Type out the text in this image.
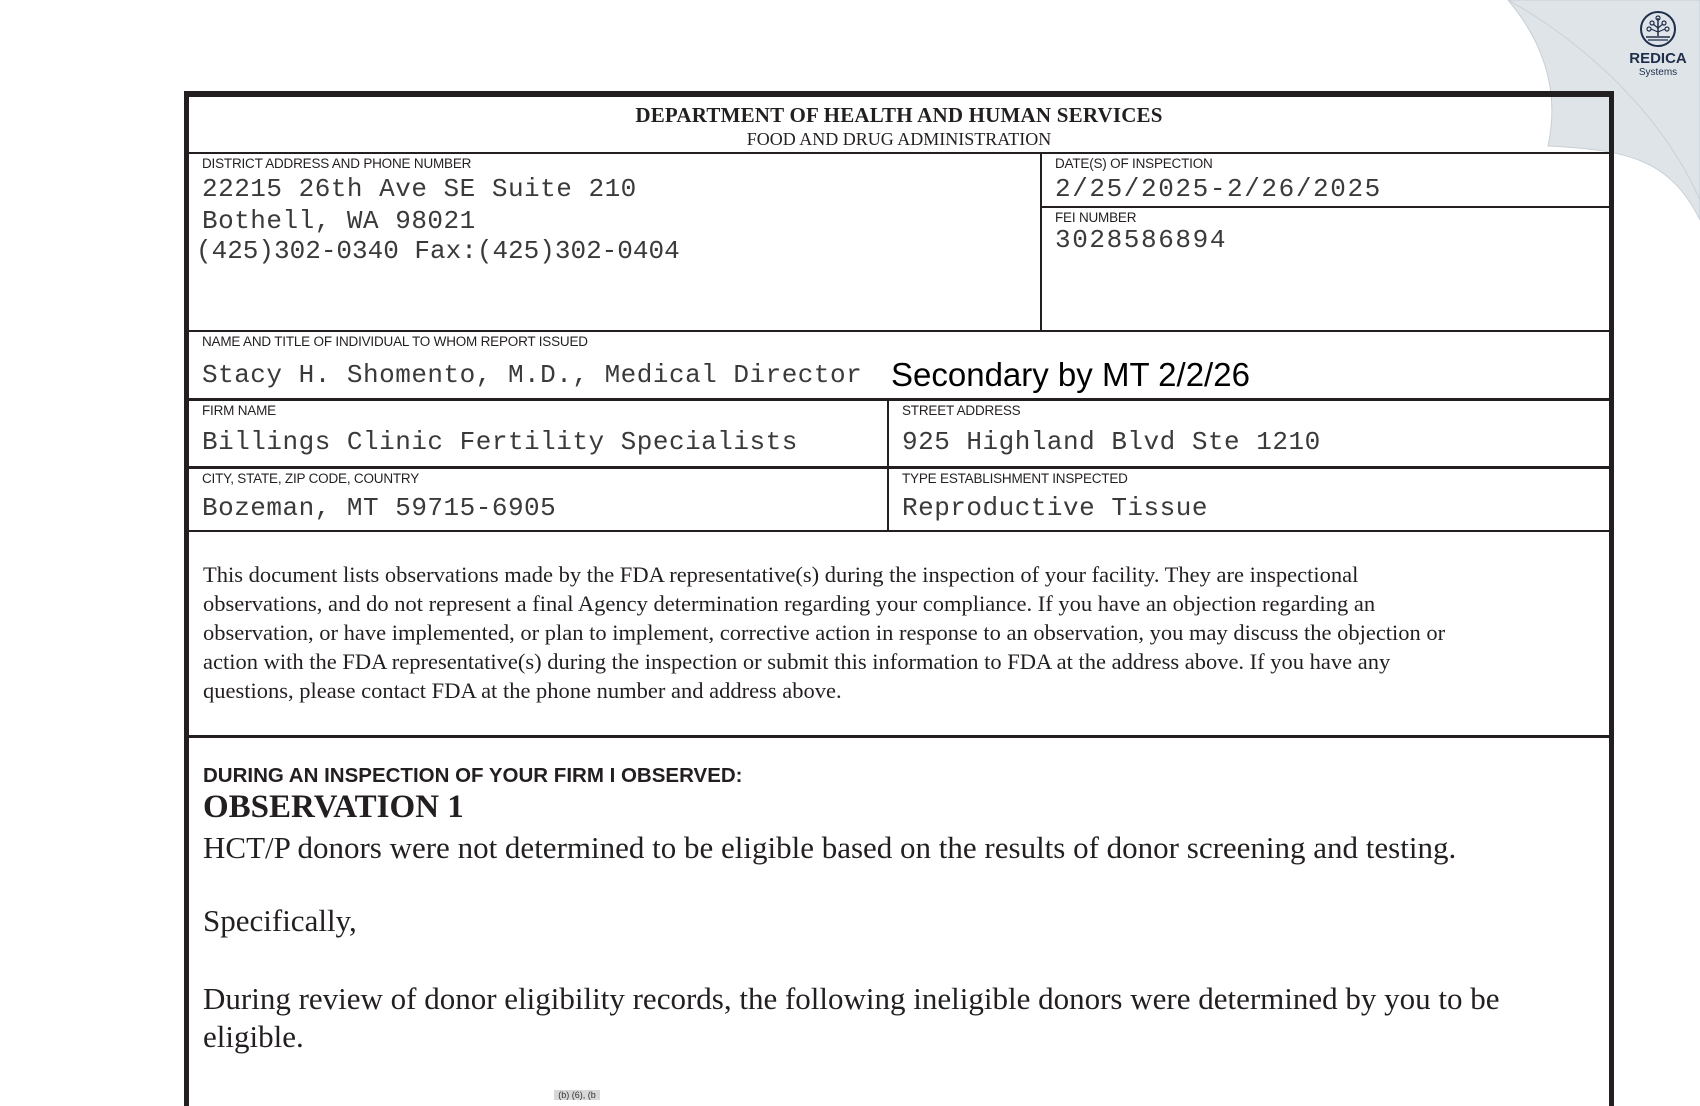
REDICA
Systems
DEPARTMENT OF HEALTH AND HUMAN SERVICES
FOOD AND DRUG ADMINISTRATION
DISTRICT ADDRESS AND PHONE NUMBER
22215 26th Ave SE Suite 210
Bothell, WA 98021
(425)302-0340 Fax:(425)302-0404
DATE(S) OF INSPECTION
2/25/2025-2/26/2025
FEI NUMBER
3028586894
NAME AND TITLE OF INDIVIDUAL TO WHOM REPORT ISSUED
Stacy H. Shomento, M.D., Medical Director
FIRM NAME
Billings Clinic Fertility Specialists
STREET ADDRESS
925 Highland Blvd Ste 1210
CITY, STATE, ZIP CODE, COUNTRY
Bozeman, MT 59715-6905
TYPE ESTABLISHMENT INSPECTED
Reproductive Tissue
This document lists observations made by the FDA representative(s) during the inspection of your facility. They are inspectional
observations, and do not represent a final Agency determination regarding your compliance. If you have an objection regarding an
observation, or have implemented, or plan to implement, corrective action in response to an observation, you may discuss the objection or
action with the FDA representative(s) during the inspection or submit this information to FDA at the address above. If you have any
questions, please contact FDA at the phone number and address above.
DURING AN INSPECTION OF YOUR FIRM I OBSERVED:
OBSERVATION 1
HCT/P donors were not determined to be eligible based on the results of donor screening and testing.
Specifically,
During review of donor eligibility records, the following ineligible donors were determined by you to be
eligible.
Secondary by MT 2/2/26
(b) (6), (b
